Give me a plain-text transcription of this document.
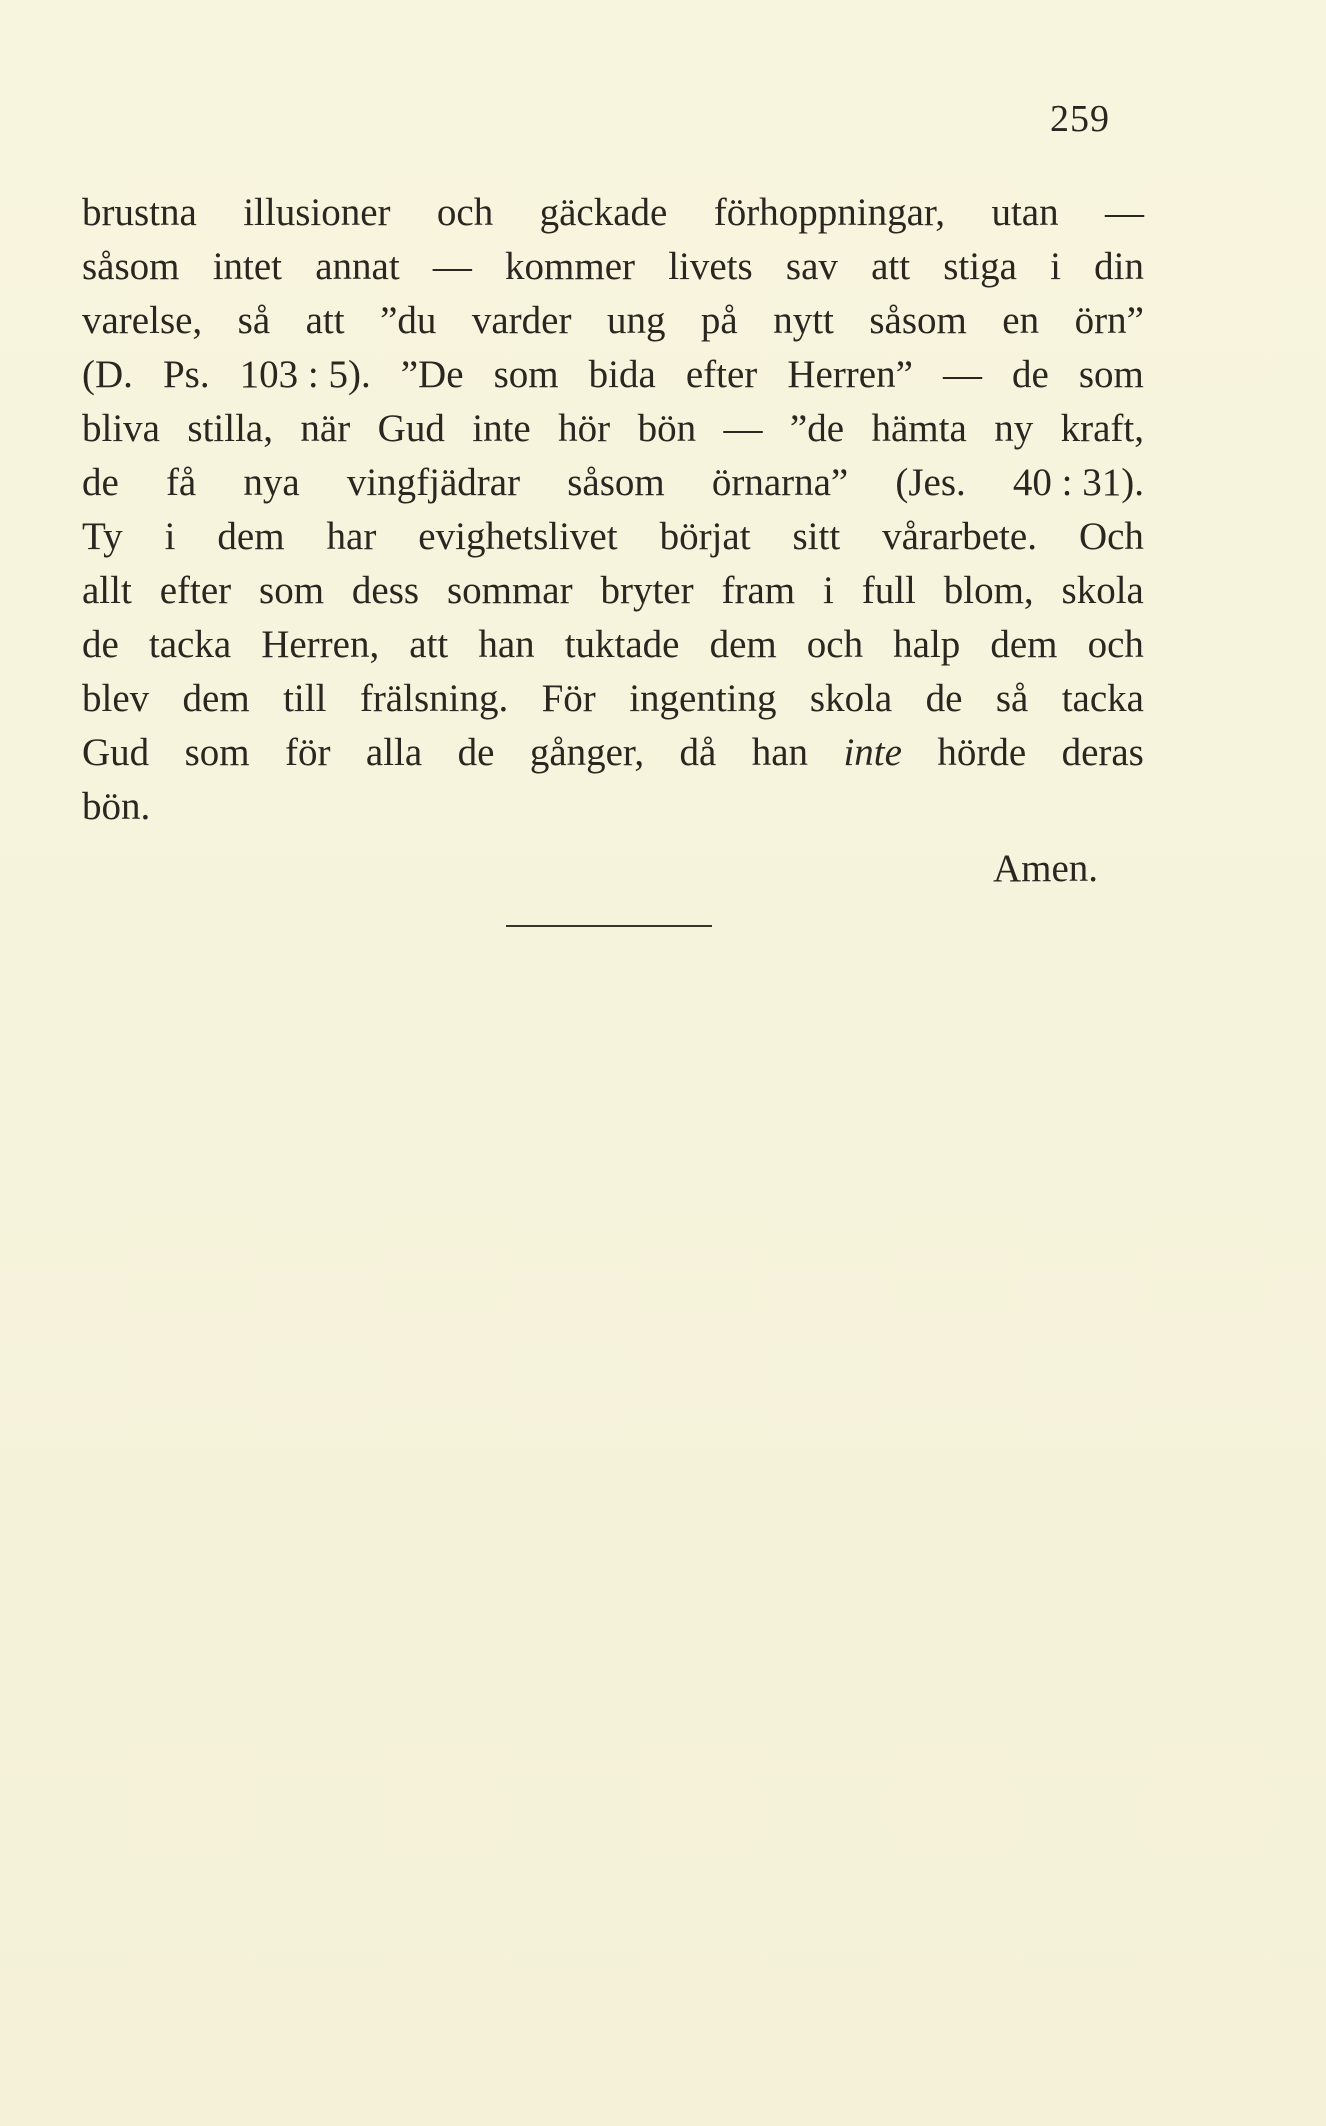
259
brustna illusioner och gäckade förhoppningar, utan —
såsom intet annat — kommer livets sav att stiga i din
varelse, så att ”du varder ung på nytt såsom en örn”
(D. Ps. 103 : 5). ”De som bida efter Herren” — de som
bliva stilla, när Gud inte hör bön — ”de hämta ny kraft,
de få nya vingfjädrar såsom örnarna” (Jes. 40 : 31).
Ty i dem har evighetslivet börjat sitt vårarbete. Och
allt efter som dess sommar bryter fram i full blom, skola
de tacka Herren, att han tuktade dem och halp dem och
blev dem till frälsning. För ingenting skola de så tacka
Gud som för alla de gånger, då han inte hörde deras
bön.
Amen.
